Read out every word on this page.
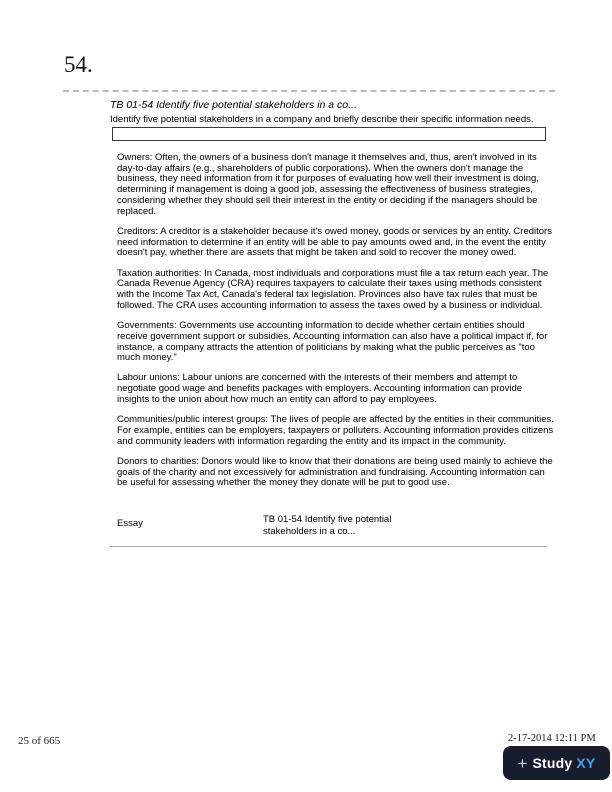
54.
TB 01-54 Identify five potential stakeholders in a co...
Identify five potential stakeholders in a company and briefly describe their specific information needs.

Owners: Often, the owners of a business don't manage it themselves and, thus, aren't involved in its day-to-day affairs (e.g., shareholders of public corporations). When the owners don't manage the business, they need information from it for purposes of evaluating how well their investment is doing, determining if management is doing a good job, assessing the effectiveness of business strategies, considering whether they should sell their interest in the entity or deciding if the managers should be replaced.

Creditors: A creditor is a stakeholder because it's owed money, goods or services by an entity. Creditors need information to determine if an entity will be able to pay amounts owed and, in the event the entity doesn't pay, whether there are assets that might be taken and sold to recover the money owed.

Taxation authorities: In Canada, most individuals and corporations must file a tax return each year. The Canada Revenue Agency (CRA) requires taxpayers to calculate their taxes using methods consistent with the Income Tax Act, Canada's federal tax legislation. Provinces also have tax rules that must be followed. The CRA uses accounting information to assess the taxes owed by a business or individual.

Governments: Governments use accounting information to decide whether certain entities should receive government support or subsidies. Accounting information can also have a political impact if, for instance, a company attracts the attention of politicians by making what the public perceives as "too much money."

Labour unions: Labour unions are concerned with the interests of their members and attempt to negotiate good wage and benefits packages with employers. Accounting information can provide insights to the union about how much an entity can afford to pay employees.

Communities/public interest groups: The lives of people are affected by the entities in their communities. For example, entities can be employers, taxpayers or polluters. Accounting information provides citizens and community leaders with information regarding the entity and its impact in the community.

Donors to charities: Donors would like to know that their donations are being used mainly to achieve the goals of the charity and not excessively for administration and fundraising. Accounting information can be useful for assessing whether the money they donate will be put to good use.

Essay	TB 01-54 Identify five potential
stakeholders in a co...
25 of 665	2-17-2014 12:11 PM
+ Study XY
